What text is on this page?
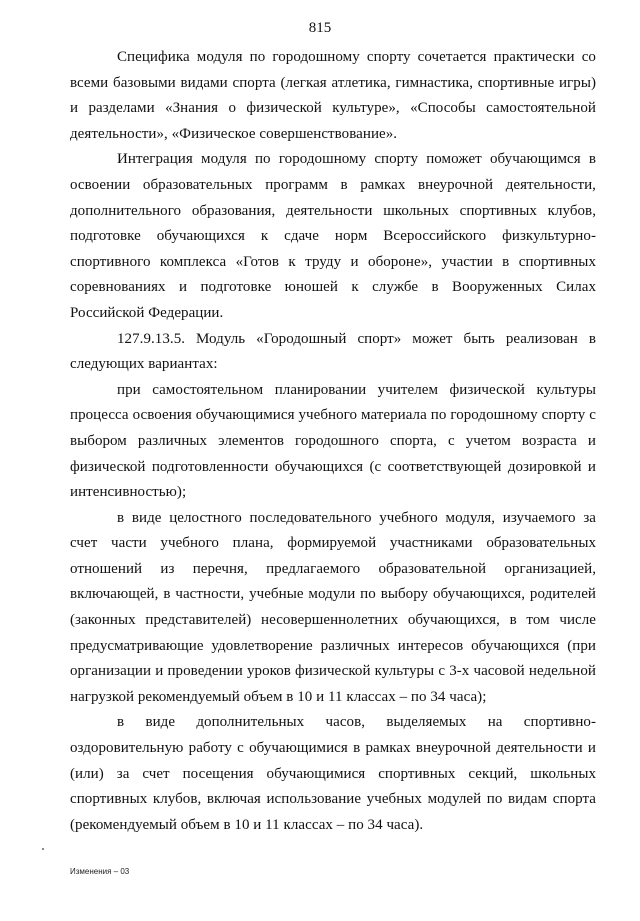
815

Специфика модуля по городошному спорту сочетается практически со всеми базовыми видами спорта (легкая атлетика, гимнастика, спортивные игры) и разделами «Знания о физической культуре», «Способы самостоятельной деятельности», «Физическое совершенствование».

Интеграция модуля по городошному спорту поможет обучающимся в освоении образовательных программ в рамках внеурочной деятельности, дополнительного образования, деятельности школьных спортивных клубов, подготовке обучающихся к сдаче норм Всероссийского физкультурно-спортивного комплекса «Готов к труду и обороне», участии в спортивных соревнованиях и подготовке юношей к службе в Вооруженных Силах Российской Федерации.

127.9.13.5. Модуль «Городошный спорт» может быть реализован в следующих вариантах:

при самостоятельном планировании учителем физической культуры процесса освоения обучающимися учебного материала по городошному спорту с выбором различных элементов городошного спорта, с учетом возраста и физической подготовленности обучающихся (с соответствующей дозировкой и интенсивностью);

в виде целостного последовательного учебного модуля, изучаемого за счет части учебного плана, формируемой участниками образовательных отношений из перечня, предлагаемого образовательной организацией, включающей, в частности, учебные модули по выбору обучающихся, родителей (законных представителей) несовершеннолетних обучающихся, в том числе предусматривающие удовлетворение различных интересов обучающихся (при организации и проведении уроков физической культуры с 3-х часовой недельной нагрузкой рекомендуемый объем в 10 и 11 классах – по 34 часа);

в виде дополнительных часов, выделяемых на спортивно-оздоровительную работу с обучающимися в рамках внеурочной деятельности и (или) за счет посещения обучающимися спортивных секций, школьных спортивных клубов, включая использование учебных модулей по видам спорта (рекомендуемый объем в 10 и 11 классах – по 34 часа).

Изменения – 03
